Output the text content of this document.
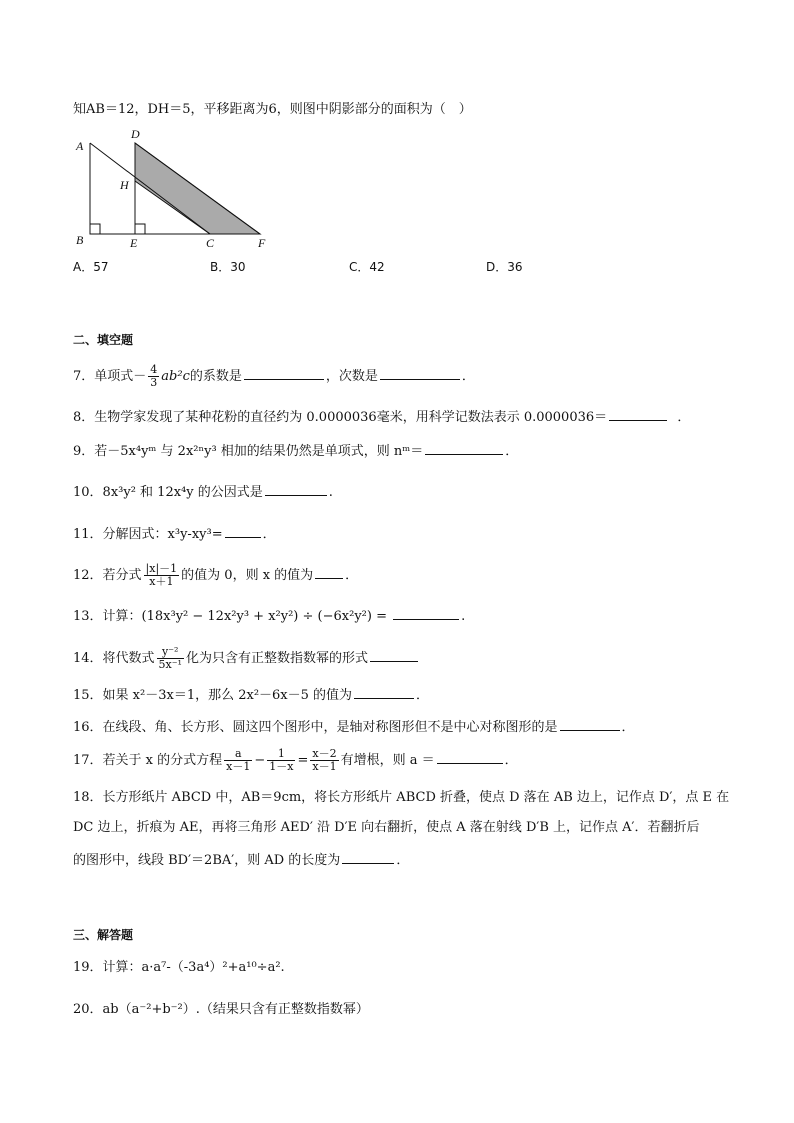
知AB＝12，DH＝5，平移距离为6，则图中阴影部分的面积为（　）
A
B
D
H
E	C	F
A．57	B．30	C．42	D．36
二、填空题
7．单项式－ $\frac{4}{3} ab^2c$的系数是	，次数是	．
8．生物学家发现了某种花粉的直径约为 0.0000036毫米，用科学记数法表示 0.0000036＝	．
9．若－5x⁴yᵐ 与 2x²ⁿy³ 相加的结果仍然是单项式，则 nᵐ＝	．
10．8x³y² 和 12x⁴y 的公因式是	.
11．分解因式：x³y-xy³=	．
12．若分式 $\frac{|x|-1}{x+1}$ 的值为 0，则 x 的值为 ．
13．计算：(18x³y² − 12x²y³ + x²y²) ÷ (−6x²y²) =	.
14．将代数式 $\frac{\text{y⁻²}}{\text{5x⁻¹}}$ 化为只含有正整数指数幂的形式
15．如果 x²－3x＝1，那么 2x²－6x－5 的值为	．
16．在线段、角、长方形、圆这四个图形中，是轴对称图形但不是中心对称图形的是	．
17．若关于 x 的分式方程 $\frac{a}{x-1} - \frac{1}{1-x} = \frac{x-2}{x-1}$ 有增根，则 a ＝	．
18．长方形纸片 ABCD 中，AB＝9cm，将长方形纸片 ABCD 折叠，使点 D 落在 AB 边上，记作点 D′，点 E 在
DC 边上，折痕为 AE，再将三角形 AED′ 沿 D′E 向右翻折，使点 A 落在射线 D′B 上，记作点 A′．若翻折后
的图形中，线段 BD′＝2BA′，则 AD 的长度为	．
三、解答题
19．计算：a·a⁷-（-3a⁴）²+a¹⁰÷a².
20．ab（a⁻²+b⁻²）.（结果只含有正整数指数幂）
